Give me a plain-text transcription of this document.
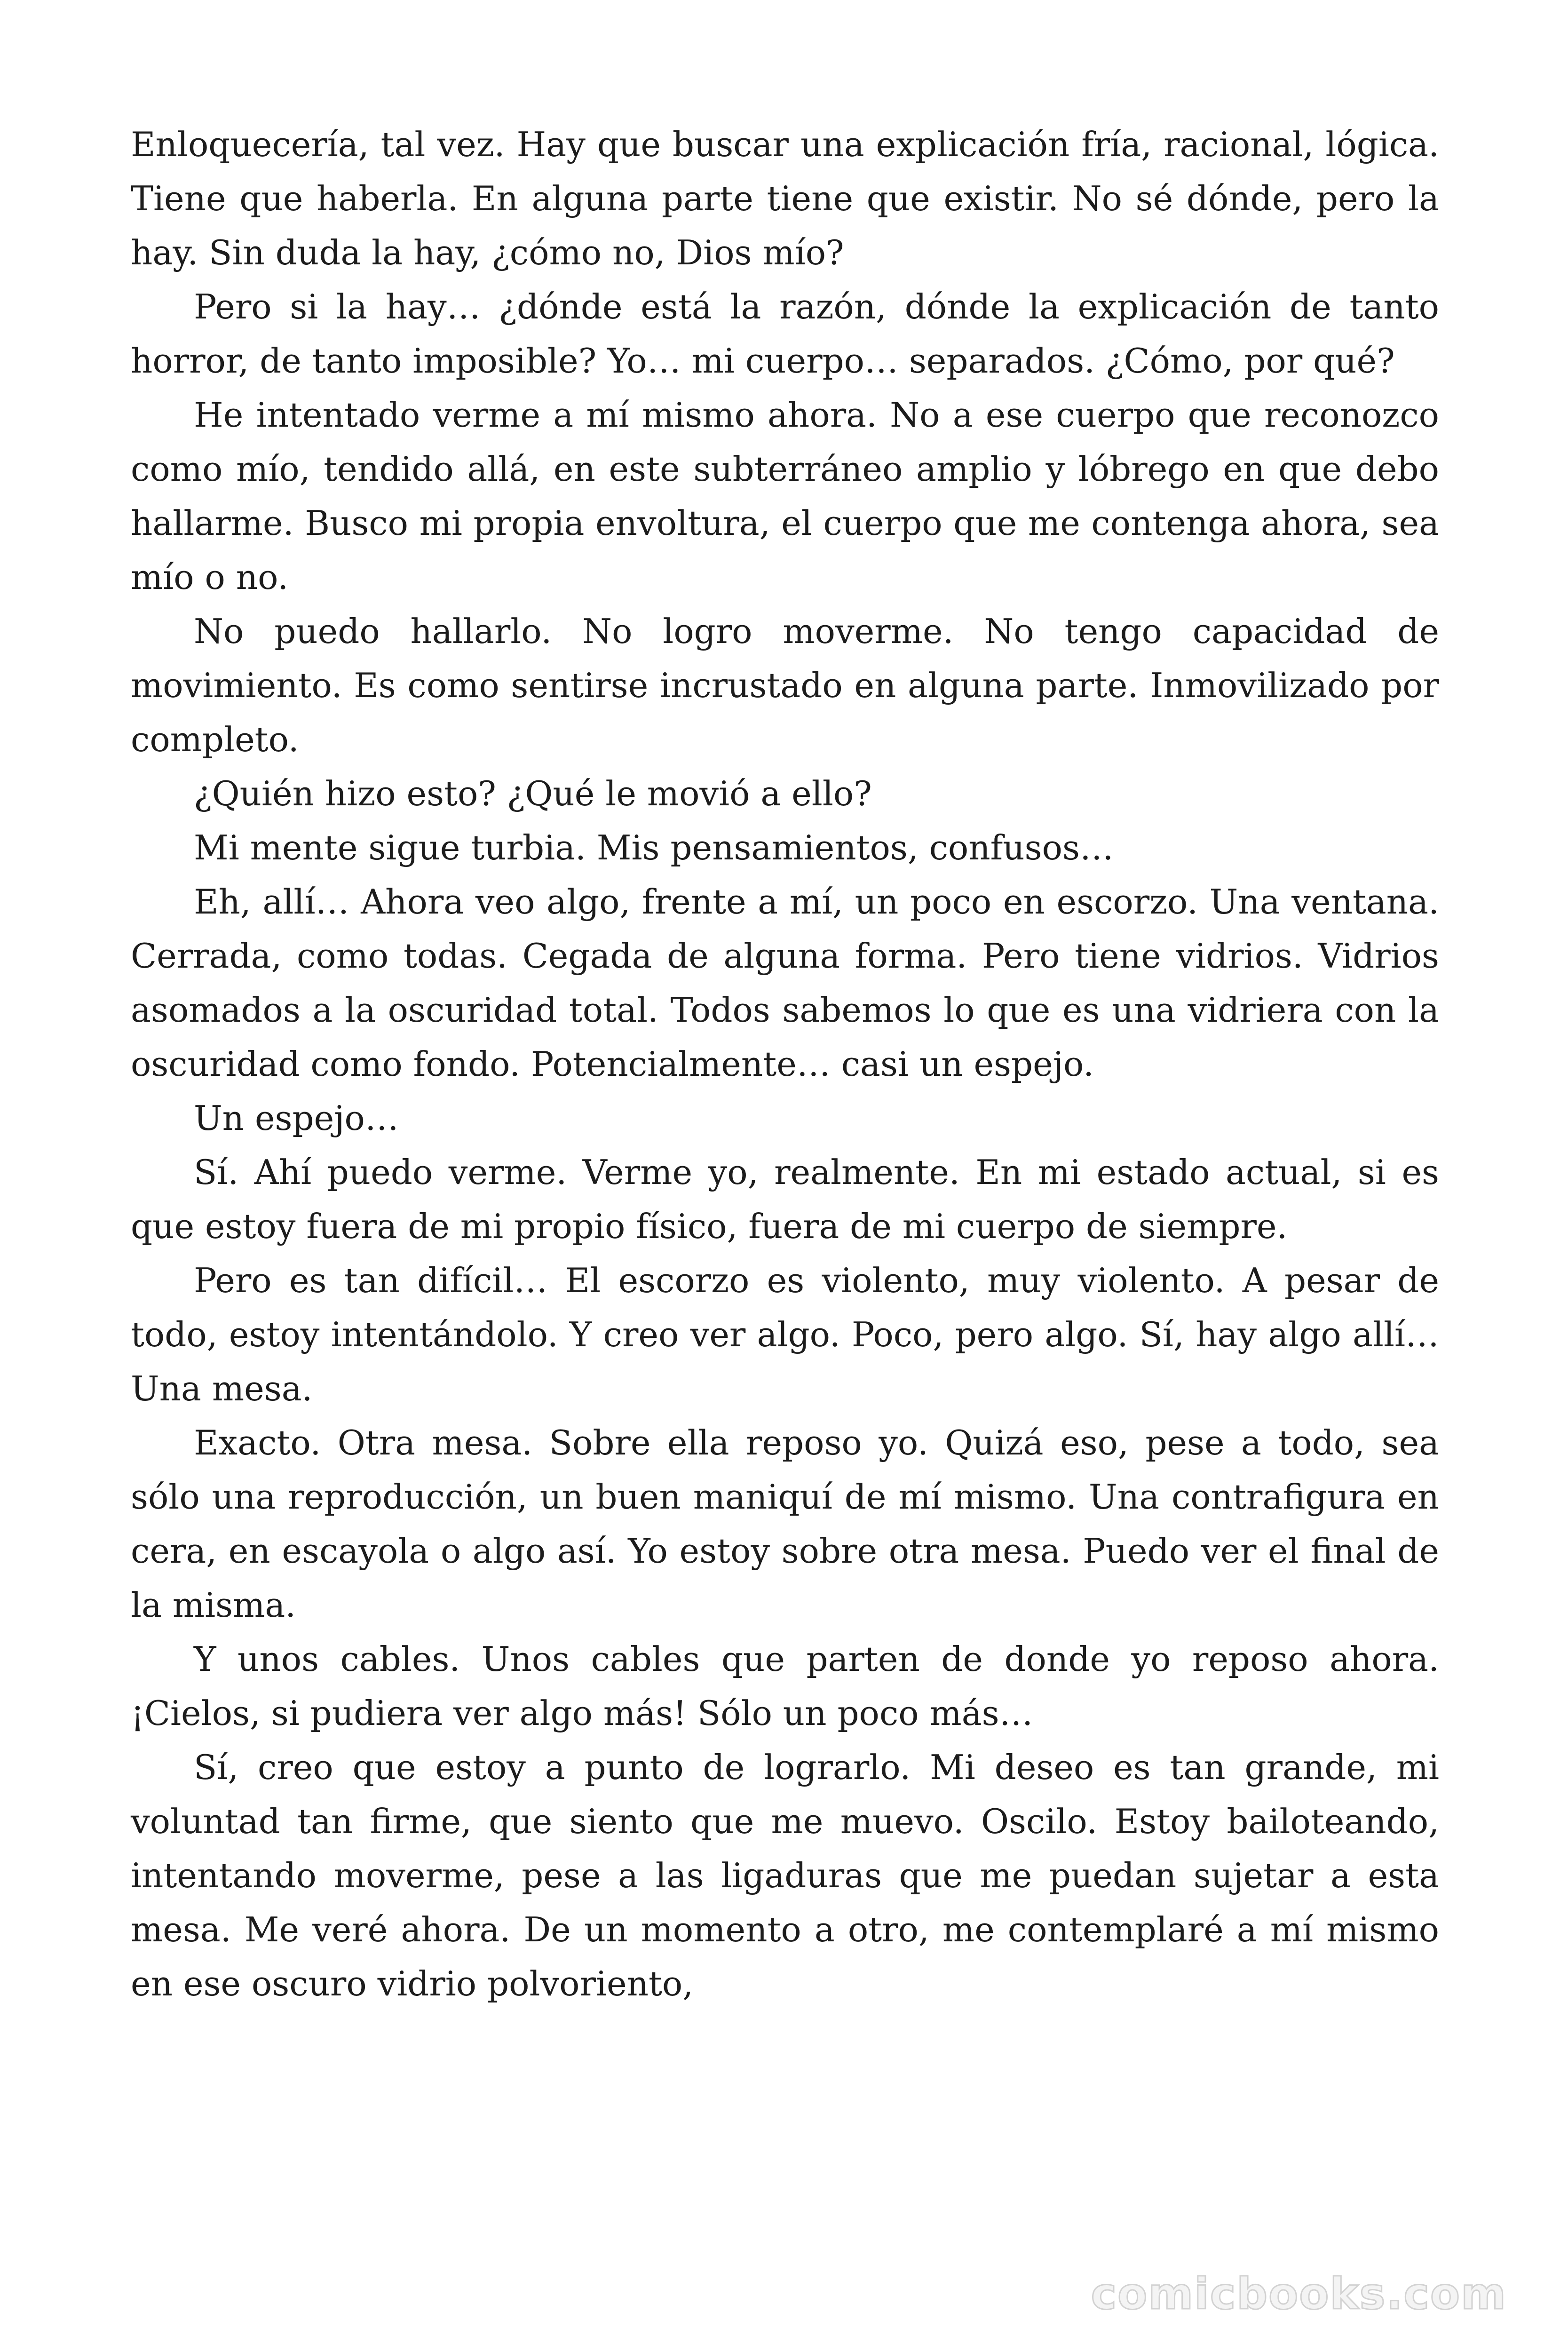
Enloquecería, tal vez. Hay que buscar una explicación fría, racional, lógica. Tiene que haberla. En alguna parte tiene que existir. No sé dónde, pero la hay. Sin duda la hay, ¿cómo no, Dios mío?

Pero si la hay… ¿dónde está la razón, dónde la explicación de tanto horror, de tanto imposible? Yo… mi cuerpo… separados. ¿Cómo, por qué?

He intentado verme a mí mismo ahora. No a ese cuerpo que reconozco como mío, tendido allá, en este subterráneo amplio y lóbrego en que debo hallarme. Busco mi propia envoltura, el cuerpo que me contenga ahora, sea mío o no.

No puedo hallarlo. No logro moverme. No tengo capacidad de movimiento. Es como sentirse incrustado en alguna parte. Inmovilizado por completo.

¿Quién hizo esto? ¿Qué le movió a ello?

Mi mente sigue turbia. Mis pensamientos, confusos…

Eh, allí… Ahora veo algo, frente a mí, un poco en escorzo. Una ventana. Cerrada, como todas. Cegada de alguna forma. Pero tiene vidrios. Vidrios asomados a la oscuridad total. Todos sabemos lo que es una vidriera con la oscuridad como fondo. Potencialmente… casi un espejo.

Un espejo…

Sí. Ahí puedo verme. Verme yo, realmente. En mi estado actual, si es que estoy fuera de mi propio físico, fuera de mi cuerpo de siempre.

Pero es tan difícil… El escorzo es violento, muy violento. A pesar de todo, estoy intentándolo. Y creo ver algo. Poco, pero algo. Sí, hay algo allí… Una mesa.

Exacto. Otra mesa. Sobre ella reposo yo. Quizá eso, pese a todo, sea sólo una reproducción, un buen maniquí de mí mismo. Una contrafigura en cera, en escayola o algo así. Yo estoy sobre otra mesa. Puedo ver el final de la misma.

Y unos cables. Unos cables que parten de donde yo reposo ahora. ¡Cielos, si pudiera ver algo más! Sólo un poco más…

Sí, creo que estoy a punto de lograrlo. Mi deseo es tan grande, mi voluntad tan firme, que siento que me muevo. Oscilo. Estoy bailoteando, intentando moverme, pese a las ligaduras que me puedan sujetar a esta mesa. Me veré ahora. De un momento a otro, me contemplaré a mí mismo en ese oscuro vidrio polvoriento,

comicbooks.com
